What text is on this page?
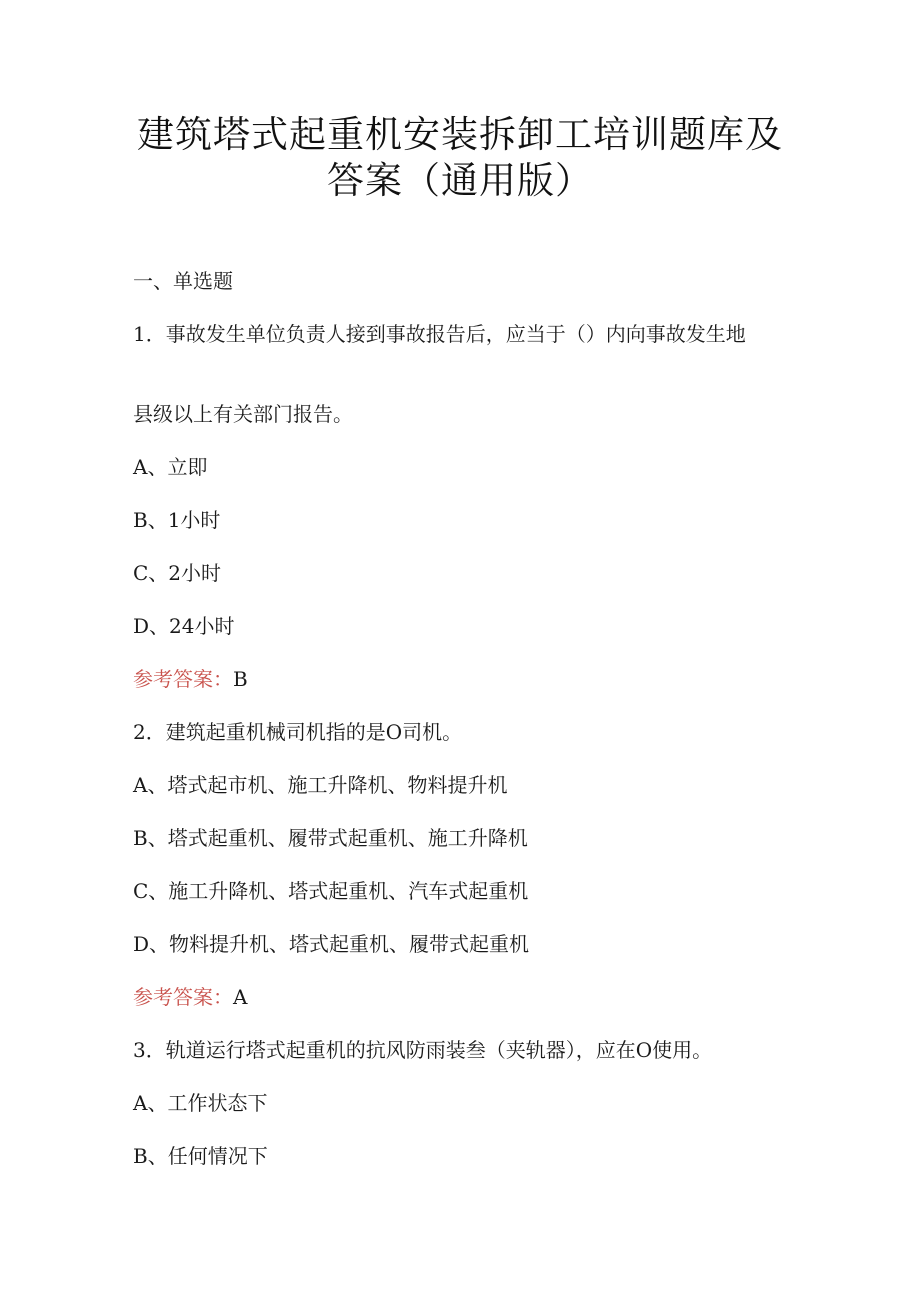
建筑塔式起重机安装拆卸工培训题库及
答案（通用版）
一、单选题
1．事故发生单位负责人接到事故报告后，应当于（）内向事故发生地
县级以上有关部门报告。
A、立即
B、1小时
C、2小时
D、24小时
参考答案：B
2．建筑起重机械司机指的是O司机。
A、塔式起市机、施工升降机、物料提升机
B、塔式起重机、履带式起重机、施工升降机
C、施工升降机、塔式起重机、汽车式起重机
D、物料提升机、塔式起重机、履带式起重机
参考答案：A
3．轨道运行塔式起重机的抗风防雨装叁（夹轨器），应在O使用。
A、工作状态下
B、任何情况下
